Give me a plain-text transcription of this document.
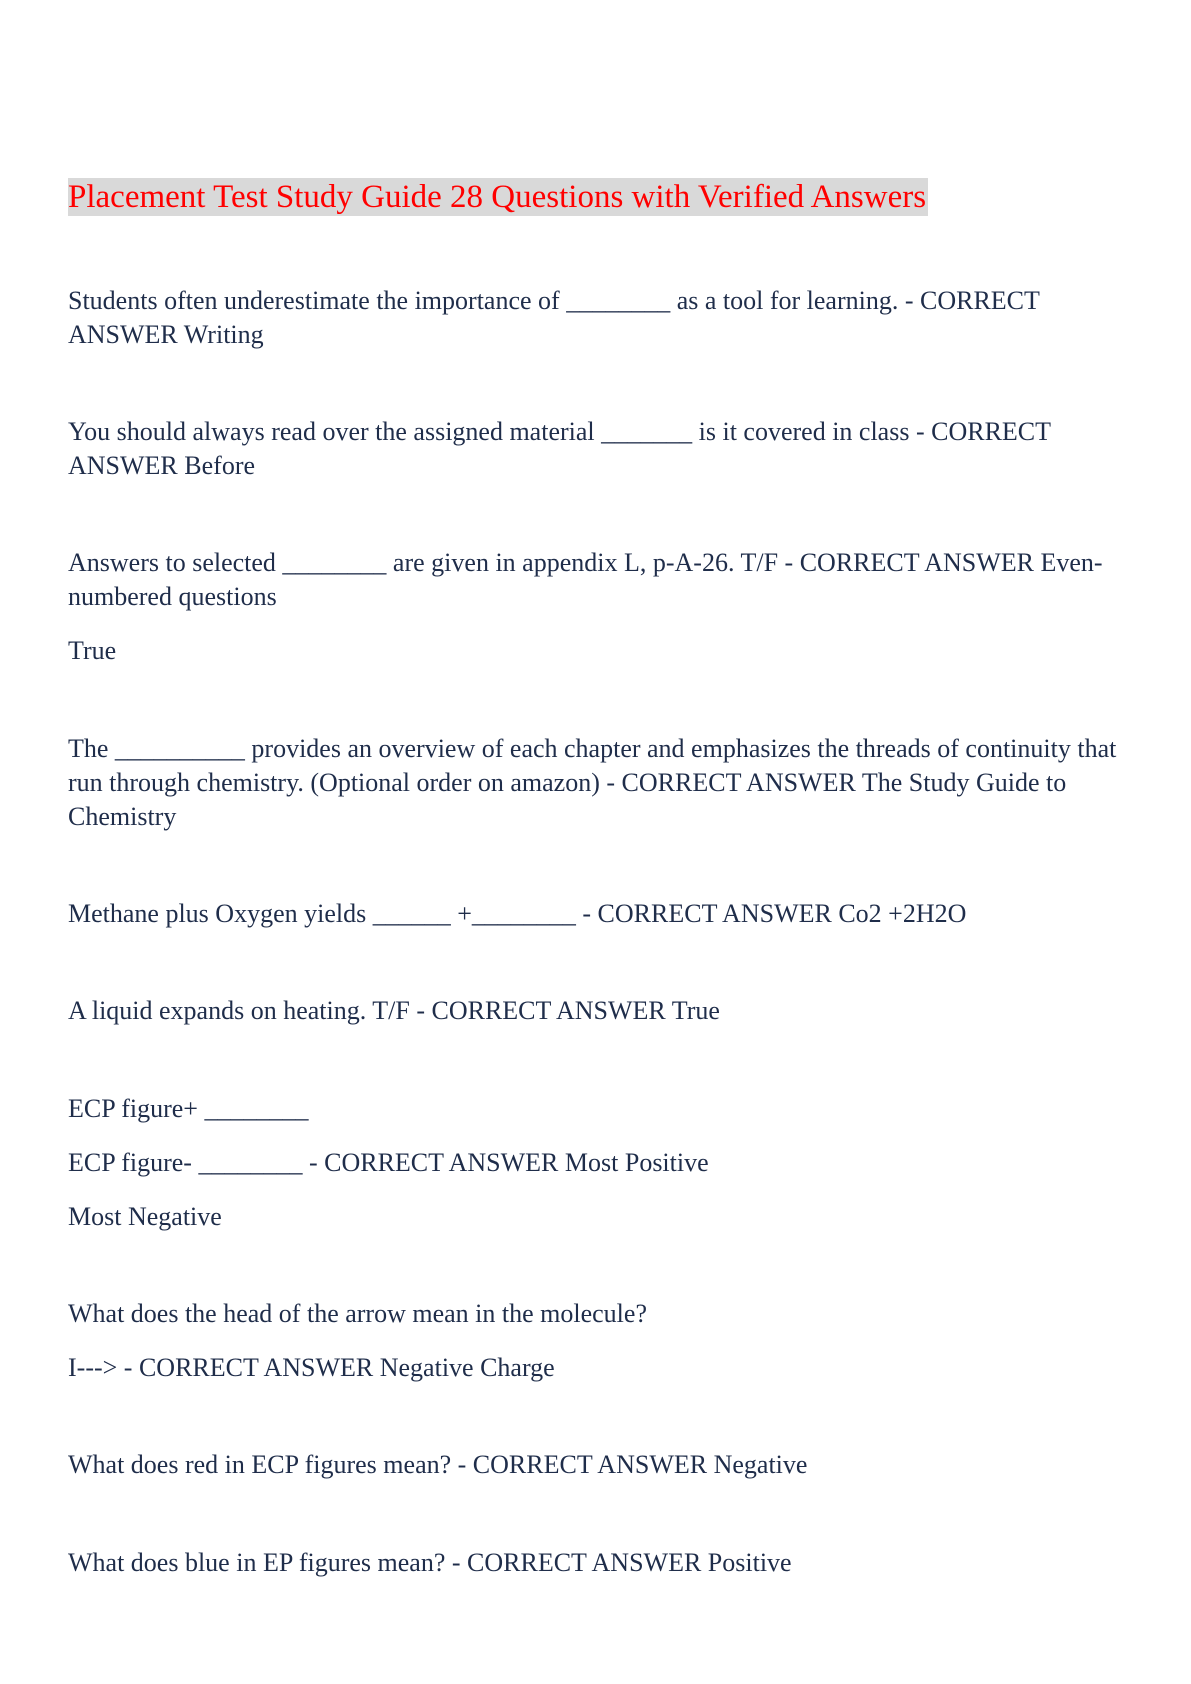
Placement Test Study Guide 28 Questions with Verified Answers

Students often underestimate the importance of ________ as a tool for learning. - CORRECT ANSWER Writing

You should always read over the assigned material _______ is it covered in class - CORRECT ANSWER Before

Answers to selected ________ are given in appendix L, p-A-26. T/F - CORRECT ANSWER Even-numbered questions

True

The __________ provides an overview of each chapter and emphasizes the threads of continuity that run through chemistry. (Optional order on amazon) - CORRECT ANSWER The Study Guide to Chemistry

Methane plus Oxygen yields ______ +________ - CORRECT ANSWER Co2 +2H2O

A liquid expands on heating. T/F - CORRECT ANSWER True

ECP figure+ ________

ECP figure- ________ - CORRECT ANSWER Most Positive

Most Negative

What does the head of the arrow mean in the molecule?

I---> - CORRECT ANSWER Negative Charge

What does red in ECP figures mean? - CORRECT ANSWER Negative

What does blue in EP figures mean? - CORRECT ANSWER Positive
